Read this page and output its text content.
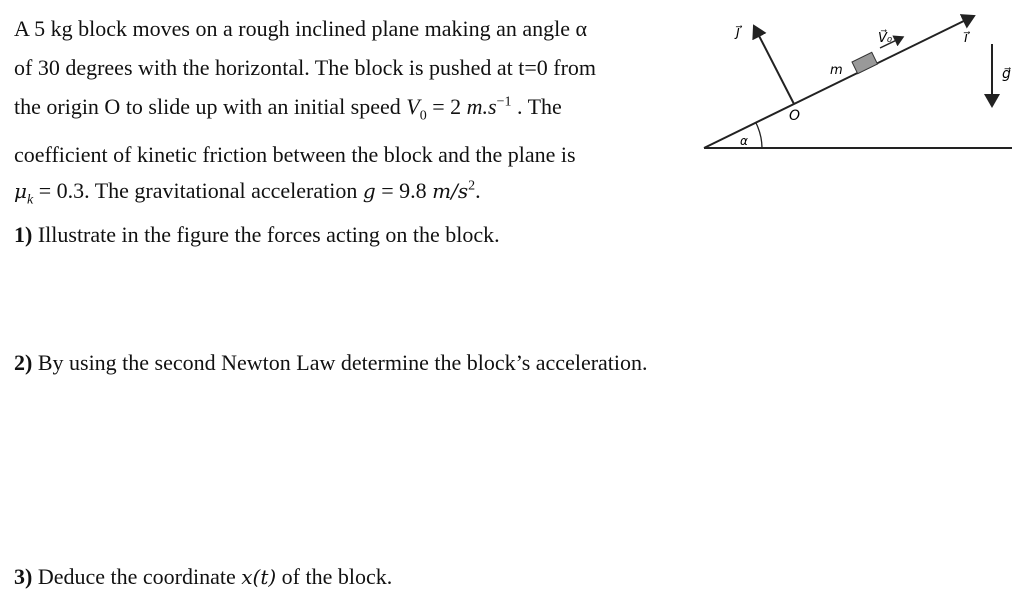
A 5 kg block moves on a rough inclined plane making an angle α
of 30 degrees with the horizontal. The block is pushed at t=0 from
the origin O to slide up with an initial speed $V_0 = 2$ $m.s^{-1}$ . The
coefficient of kinetic friction between the block and the plane is
$\mu_k = 0.3$. The gravitational acceleration g = 9.8 $m/s^2$.
1) Illustrate in the figure the forces acting on the block.
2) By using the second Newton Law determine the block’s acceleration.
3) Deduce the coordinate x(t) of the block.
j⃗	i⃗
g⃗
m
V⃗₀
O
α
